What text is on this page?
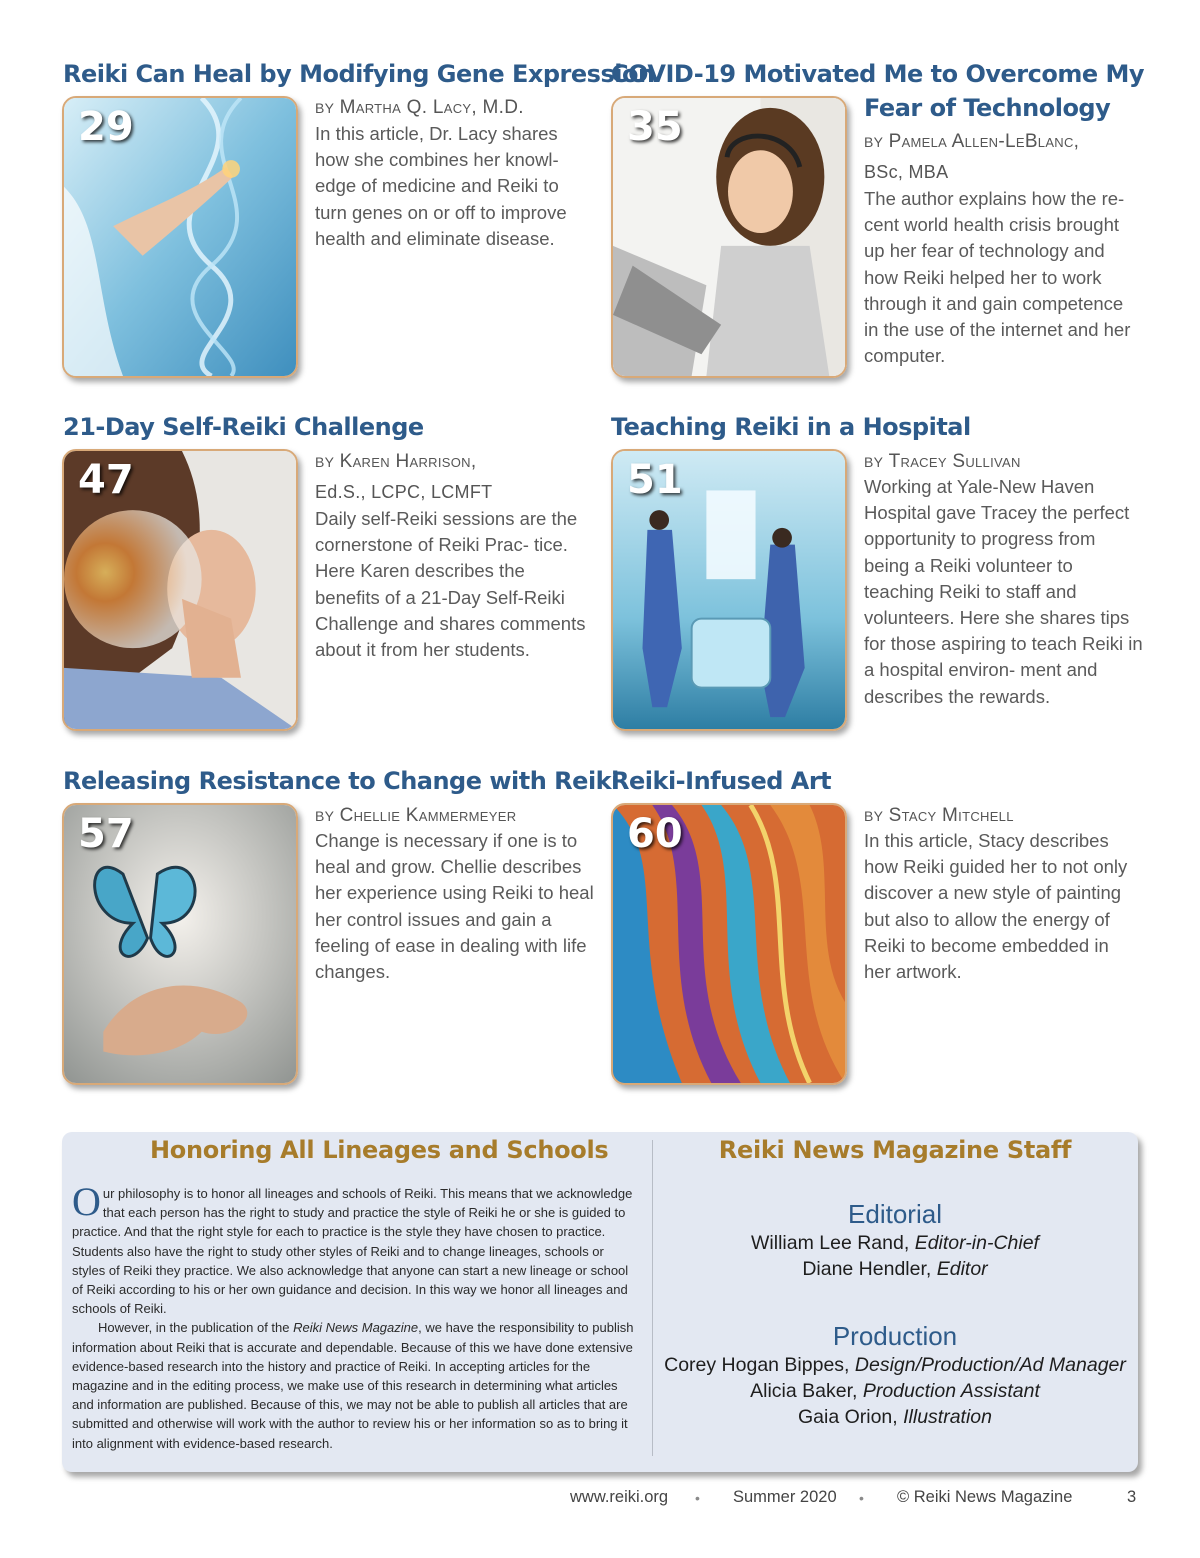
Reiki Can Heal by Modifying Gene Expression
29	BY Martha Q. Lacy, M.D.
In this article, Dr. Lacy shares how she combines her knowl- edge of medicine and Reiki to turn genes on or off to improve health and eliminate disease.
COVID-19 Motivated Me to Overcome My
Fear of Technology
35	BY Pamela Allen-LeBlanc,
BSc, MBA
The author explains how the re- cent world health crisis brought up her fear of technology and how Reiki helped her to work through it and gain competence in the use of the internet and her computer.
21-Day Self-Reiki Challenge
47	BY Karen Harrison,
Ed.S., LCPC, LCMFT
Daily self-Reiki sessions are the cornerstone of Reiki Prac- tice. Here Karen describes the benefits of a 21-Day Self-Reiki Challenge and shares comments about it from her students.
Teaching Reiki in a Hospital
51	BY Tracey Sullivan
Working at Yale-New Haven Hospital gave Tracey the perfect opportunity to progress from being a Reiki volunteer to teaching Reiki to staff and volunteers. Here she shares tips for those aspiring to teach Reiki in a hospital environ- ment and describes the rewards.
Releasing Resistance to Change with Reiki
57	BY Chellie Kammermeyer
Change is necessary if one is to heal and grow. Chellie describes her experience using Reiki to heal her control issues and gain a feeling of ease in dealing with life changes.
Reiki-Infused Art
60	BY Stacy Mitchell
In this article, Stacy describes how Reiki guided her to not only discover a new style of painting but also to allow the energy of Reiki to become embedded in her artwork.
Honoring All Lineages and Schools

Our philosophy is to honor all lineages and schools of Reiki. This means that we acknowledge that each person has the right to study and practice the style of Reiki he or she is guided to practice. And that the right style for each to practice is the style they have chosen to practice. Students also have the right to study other styles of Reiki and to change lineages, schools or styles of Reiki they practice. We also acknowledge that anyone can start a new lineage or school of Reiki according to his or her own guidance and decision. In this way we honor all lineages and schools of Reiki.

However, in the publication of the Reiki News Magazine, we have the responsibility to publish information about Reiki that is accurate and dependable. Because of this we have done extensive evidence-based research into the history and practice of Reiki. In accepting articles for the magazine and in the editing process, we make use of this research in determining what articles and information are published. Because of this, we may not be able to publish all articles that are submitted and otherwise will work with the author to review his or her information so as to bring it into alignment with evidence-based research.

Reiki News Magazine Staff
Editorial
William Lee Rand, Editor-in-Chief
Diane Hendler, Editor
Production
Corey Hogan Bippes, Design/Production/Ad Manager
Alicia Baker, Production Assistant
Gaia Orion, Illustration
www.reiki.org • Summer 2020 • © Reiki News Magazine	3
